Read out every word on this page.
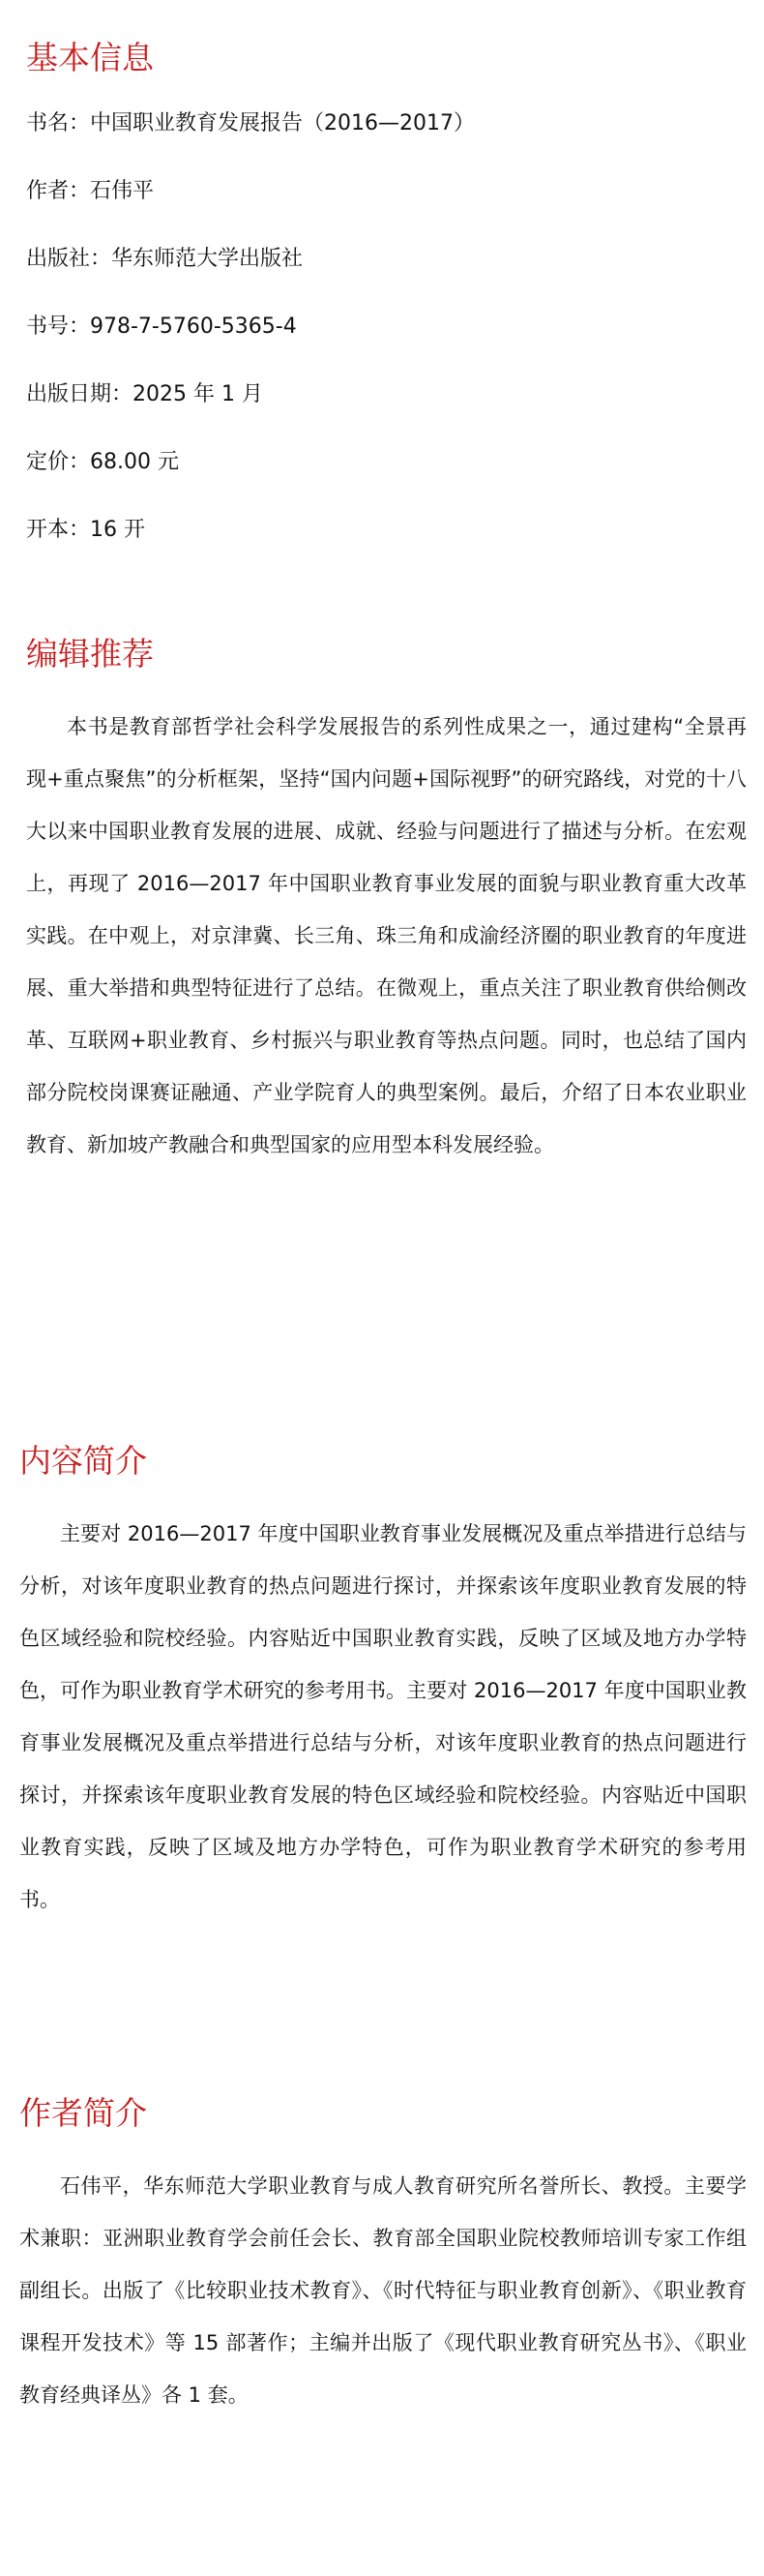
基本信息

书名：中国职业教育发展报告（2016—2017）

作者：石伟平

出版社：华东师范大学出版社

书号：978-7-5760-5365-4

出版日期：2025 年 1 月

定价：68.00 元

开本：16 开

编辑推荐

本书是教育部哲学社会科学发展报告的系列性成果之一，通过建构“全景再现+重点聚焦”的分析框架，坚持“国内问题+国际视野”的研究路线，对党的十八大以来中国职业教育发展的进展、成就、经验与问题进行了描述与分析。在宏观上，再现了 2016—2017 年中国职业教育事业发展的面貌与职业教育重大改革实践。在中观上，对京津冀、长三角、珠三角和成渝经济圈的职业教育的年度进展、重大举措和典型特征进行了总结。在微观上，重点关注了职业教育供给侧改革、互联网+职业教育、乡村振兴与职业教育等热点问题。同时，也总结了国内部分院校岗课赛证融通、产业学院育人的典型案例。最后，介绍了日本农业职业教育、新加坡产教融合和典型国家的应用型本科发展经验。

内容简介

主要对 2016—2017 年度中国职业教育事业发展概况及重点举措进行总结与分析，对该年度职业教育的热点问题进行探讨，并探索该年度职业教育发展的特色区域经验和院校经验。内容贴近中国职业教育实践，反映了区域及地方办学特色，可作为职业教育学术研究的参考用书。主要对 2016—2017 年度中国职业教育事业发展概况及重点举措进行总结与分析，对该年度职业教育的热点问题进行探讨，并探索该年度职业教育发展的特色区域经验和院校经验。内容贴近中国职业教育实践，反映了区域及地方办学特色，可作为职业教育学术研究的参考用书。

作者简介

石伟平，华东师范大学职业教育与成人教育研究所名誉所长、教授。主要学术兼职：亚洲职业教育学会前任会长、教育部全国职业院校教师培训专家工作组副组长。出版了《比较职业技术教育》、《时代特征与职业教育创新》、《职业教育课程开发技术》等 15 部著作；主编并出版了《现代职业教育研究丛书》、《职业教育经典译丛》各 1 套。
